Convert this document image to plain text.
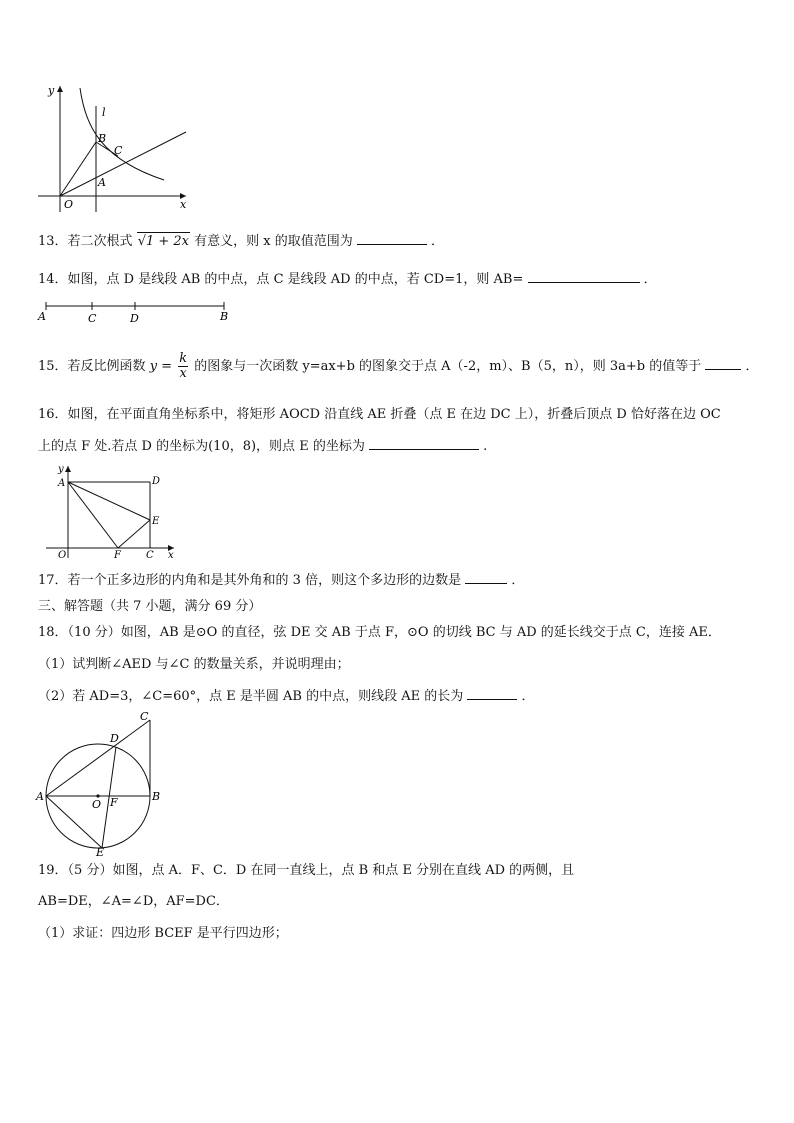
y
l
B
C
A
O	x
13．若二次根式 √1 + 2x 有意义，则 x 的取值范围为	．
14．如图，点 D 是线段 AB 的中点，点 C 是线段 AD 的中点，若 CD=1，则 AB=	．
A	C	D	B
15．若反比例函数 $y = \frac{k}{x}$ 的图象与一次函数 y=ax+b 的图象交于点 A（-2，m）、B（5，n），则 3a+b 的值等于	．
16．如图，在平面直角坐标系中，将矩形 AOCD 沿直线 AE 折叠（点 E 在边 DC 上），折叠后顶点 D 恰好落在边 OC
上的点 F 处.若点 D 的坐标为(10，8)，则点 E 的坐标为	.
y
A	D
E
O	F	C x
17．若一个正多边形的内角和是其外角和的 3 倍，则这个多边形的边数是	．
三、解答题（共 7 小题，满分 69 分）
18．（10 分）如图，AB 是⊙O 的直径，弦 DE 交 AB 于点 F，⊙O 的切线 BC 与 AD 的延长线交于点 C，连接 AE．
（1）试判断∠AED 与∠C 的数量关系，并说明理由；
（2）若 AD=3，∠C=60°，点 E 是半圆 AB 的中点，则线段 AE 的长为	．
C
D
A
O F	B
E
19．（5 分）如图，点 A．F、C．D 在同一直线上，点 B 和点 E 分别在直线 AD 的两侧，且
AB=DE，∠A=∠D，AF=DC．
（1）求证：四边形 BCEF 是平行四边形；
